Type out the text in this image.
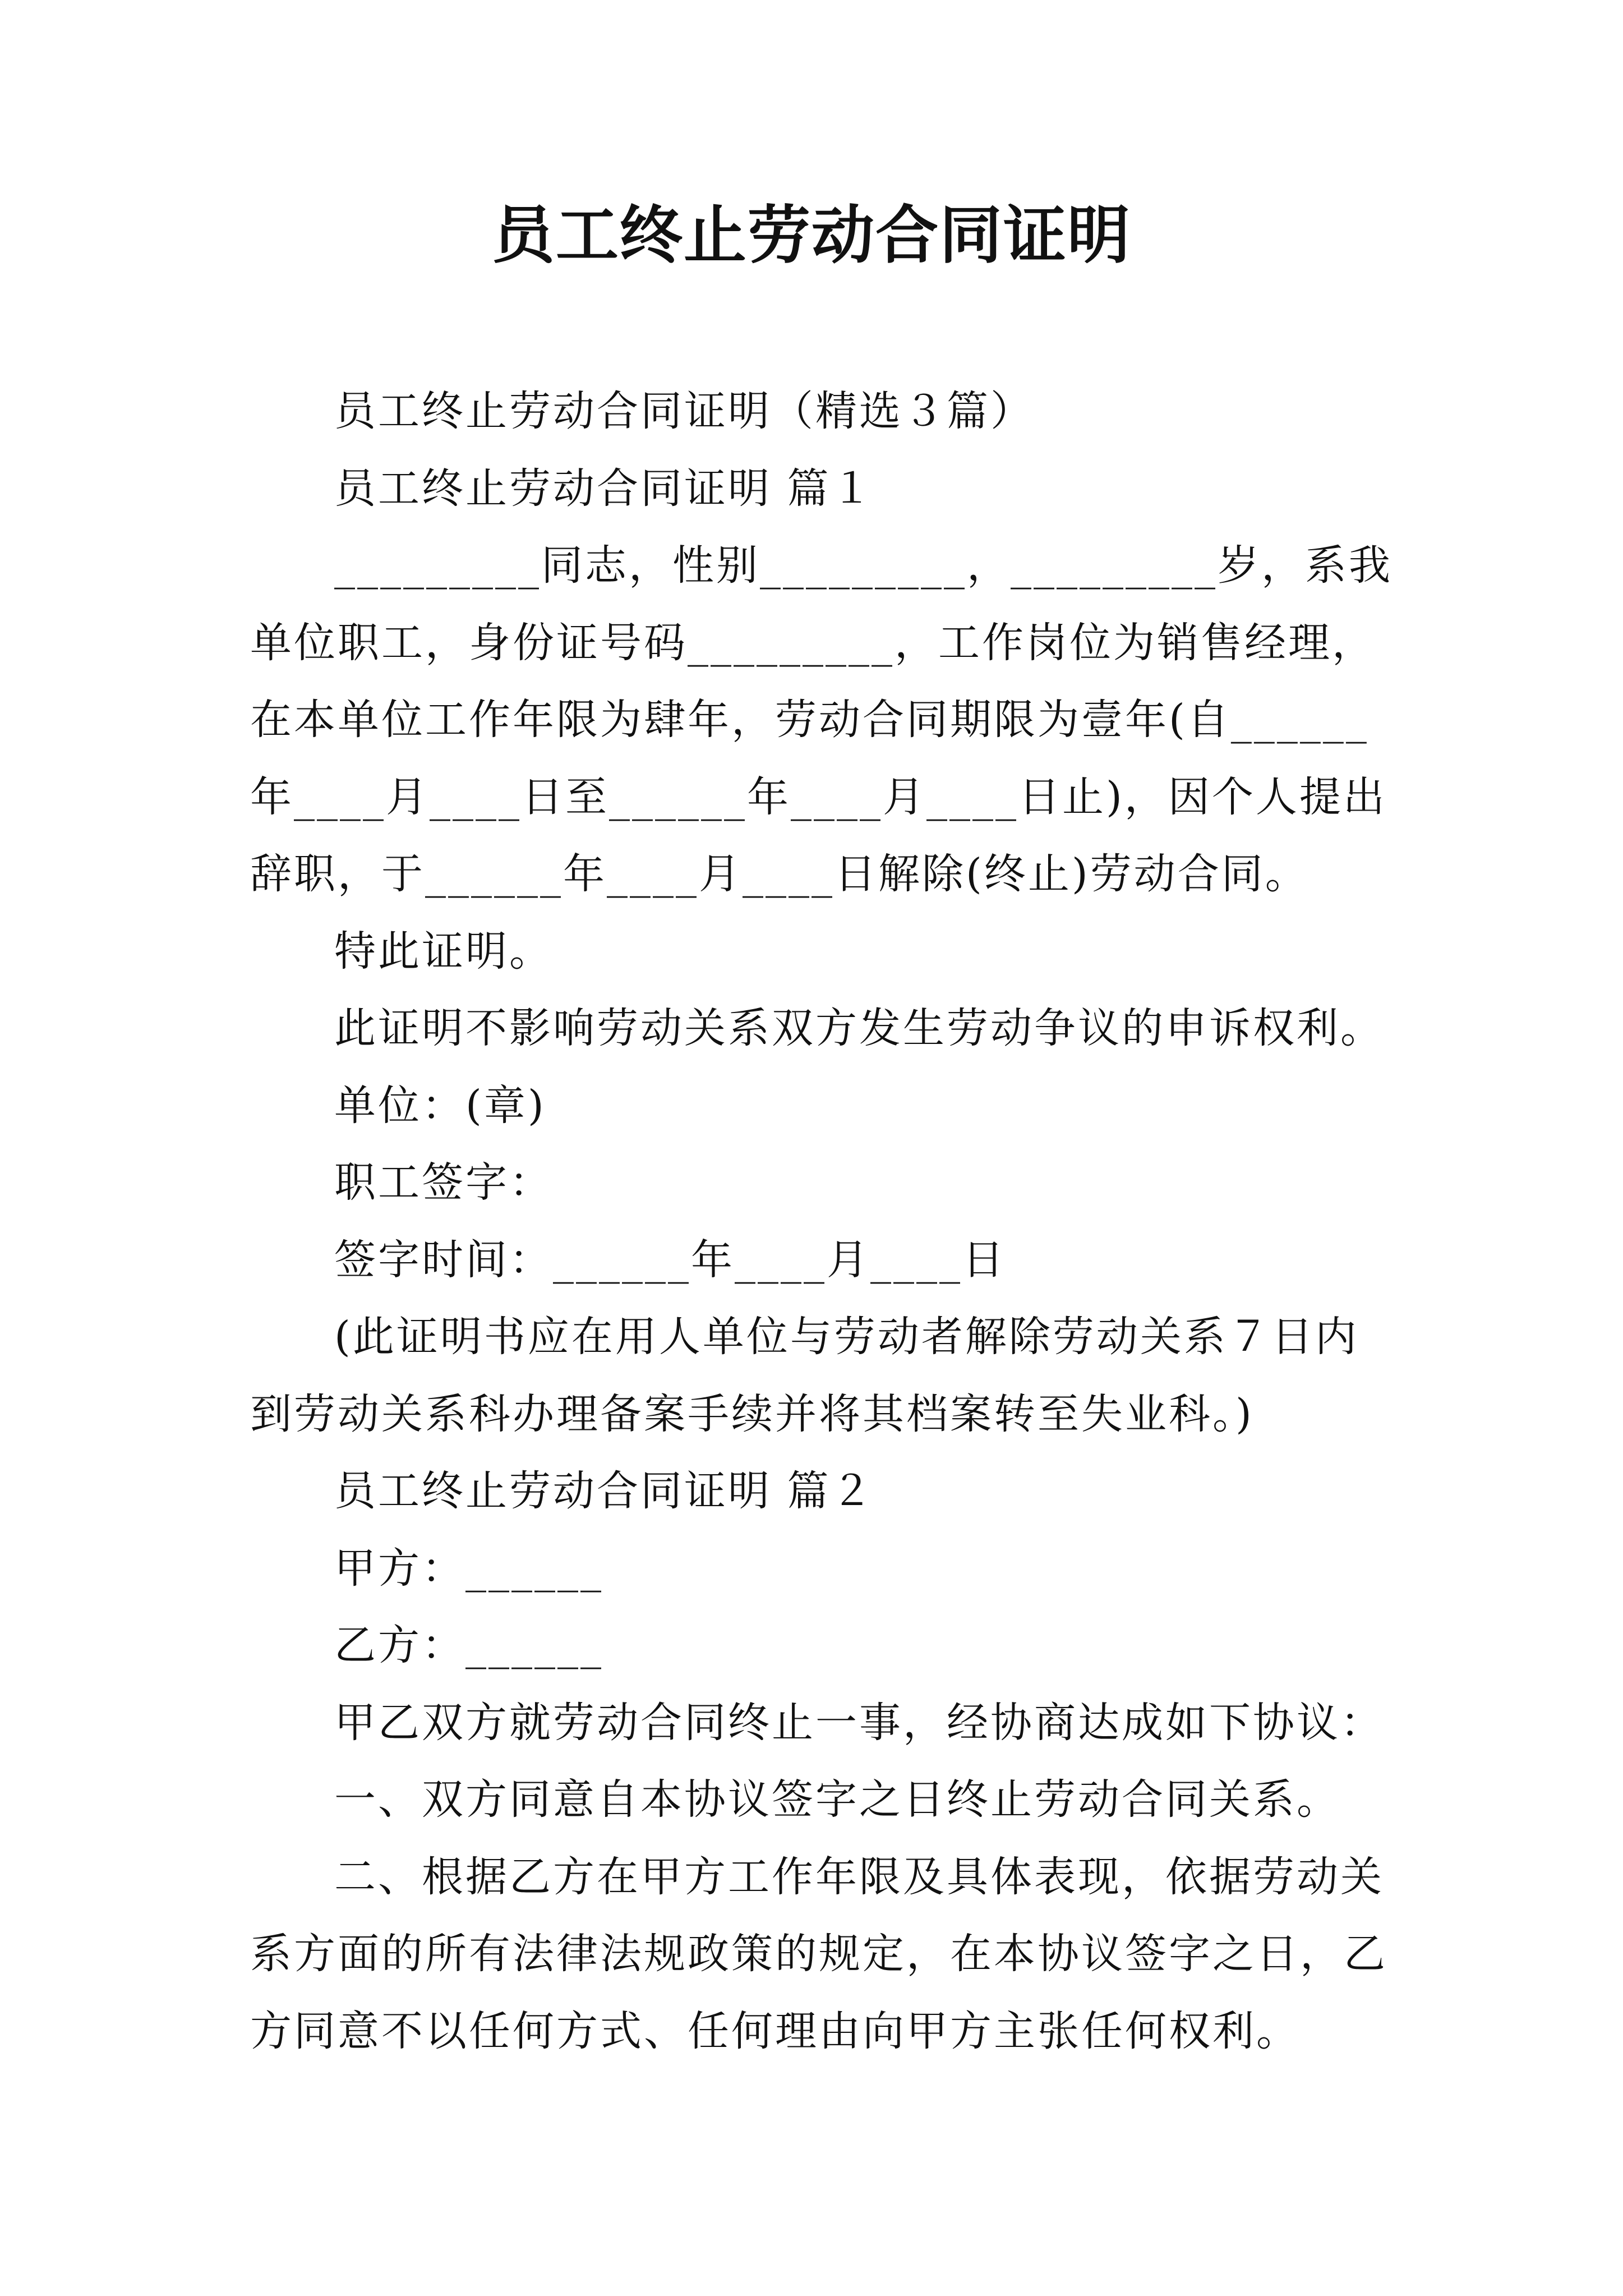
员工终止劳动合同证明

员工终止劳动合同证明（精选３篇）

员工终止劳动合同证明 篇１

_________同志，性别_________，_________岁，系我单位职工，身份证号码_________，工作岗位为销售经理，在本单位工作年限为肆年，劳动合同期限为壹年(自______年____月____日至______年____月____日止)，因个人提出辞职，于______年____月____日解除(终止)劳动合同。

特此证明。

此证明不影响劳动关系双方发生劳动争议的申诉权利。

单位：(章)

职工签字：

签字时间：______年____月____日

(此证明书应在用人单位与劳动者解除劳动关系７日内到劳动关系科办理备案手续并将其档案转至失业科。)

员工终止劳动合同证明 篇２

甲方：______

乙方：______

甲乙双方就劳动合同终止一事，经协商达成如下协议：

一、双方同意自本协议签字之日终止劳动合同关系。

二、根据乙方在甲方工作年限及具体表现，依据劳动关系方面的所有法律法规政策的规定，在本协议签字之日，乙方同意不以任何方式、任何理由向甲方主张任何权利。
